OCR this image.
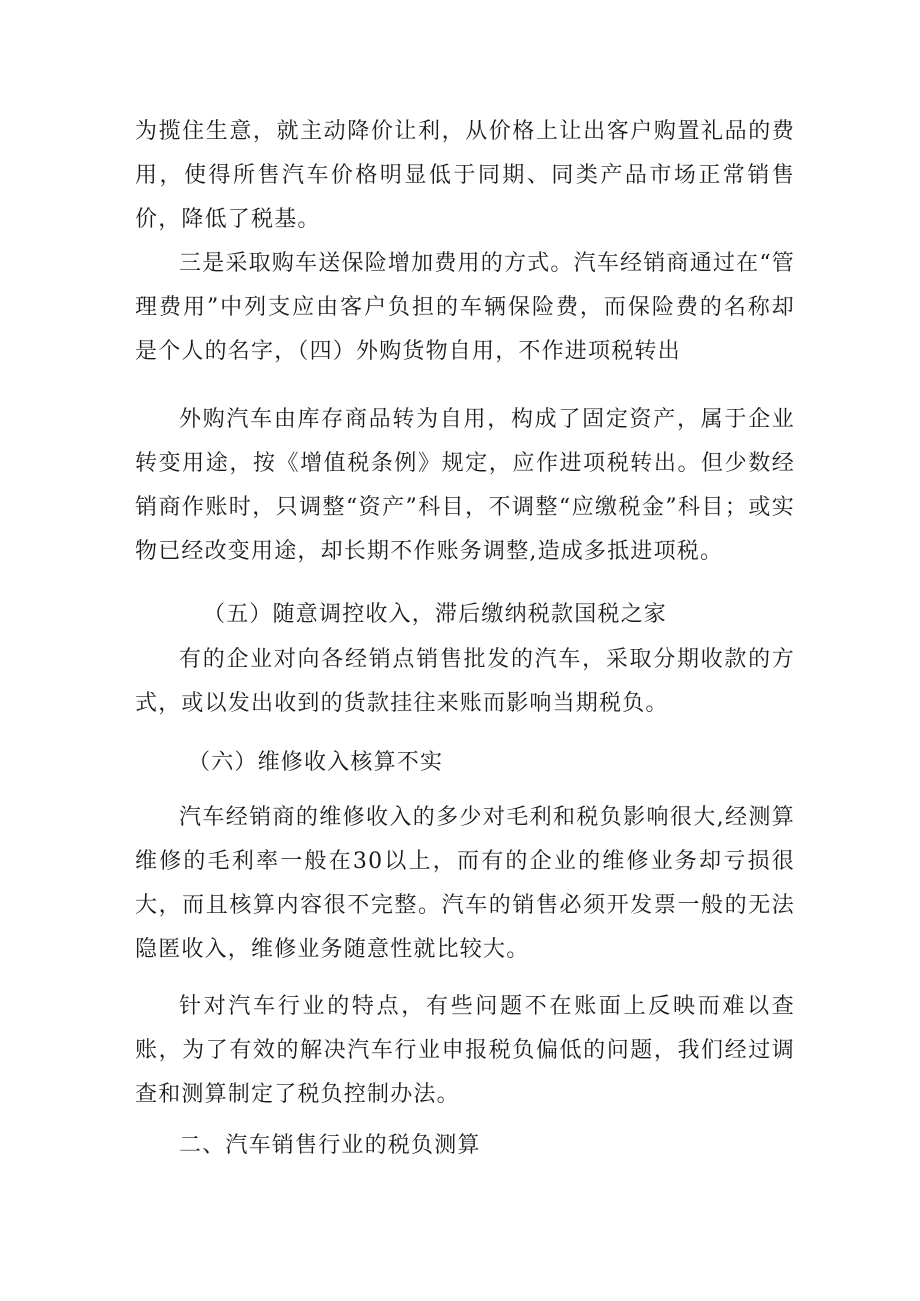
为揽住生意，就主动降价让利，从价格上让出客户购置礼品的费用，使得所售汽车价格明显低于同期、同类产品市场正常销售价，降低了税基。

三是采取购车送保险增加费用的方式。汽车经销商通过在“管理费用”中列支应由客户负担的车辆保险费，而保险费的名称却是个人的名字，（四）外购货物自用，不作进项税转出

外购汽车由库存商品转为自用，构成了固定资产，属于企业转变用途，按《增值税条例》规定，应作进项税转出。但少数经销商作账时，只调整“资产”科目，不调整“应缴税金”科目；或实物已经改变用途，却长期不作账务调整,造成多抵进项税。

（五）随意调控收入，滞后缴纳税款国税之家

有的企业对向各经销点销售批发的汽车，采取分期收款的方式，或以发出收到的货款挂往来账而影响当期税负。

（六）维修收入核算不实

汽车经销商的维修收入的多少对毛利和税负影响很大,经测算维修的毛利率一般在30以上，而有的企业的维修业务却亏损很大，而且核算内容很不完整。汽车的销售必须开发票一般的无法隐匿收入，维修业务随意性就比较大。

针对汽车行业的特点，有些问题不在账面上反映而难以查账，为了有效的解决汽车行业申报税负偏低的问题，我们经过调查和测算制定了税负控制办法。

二、汽车销售行业的税负测算
